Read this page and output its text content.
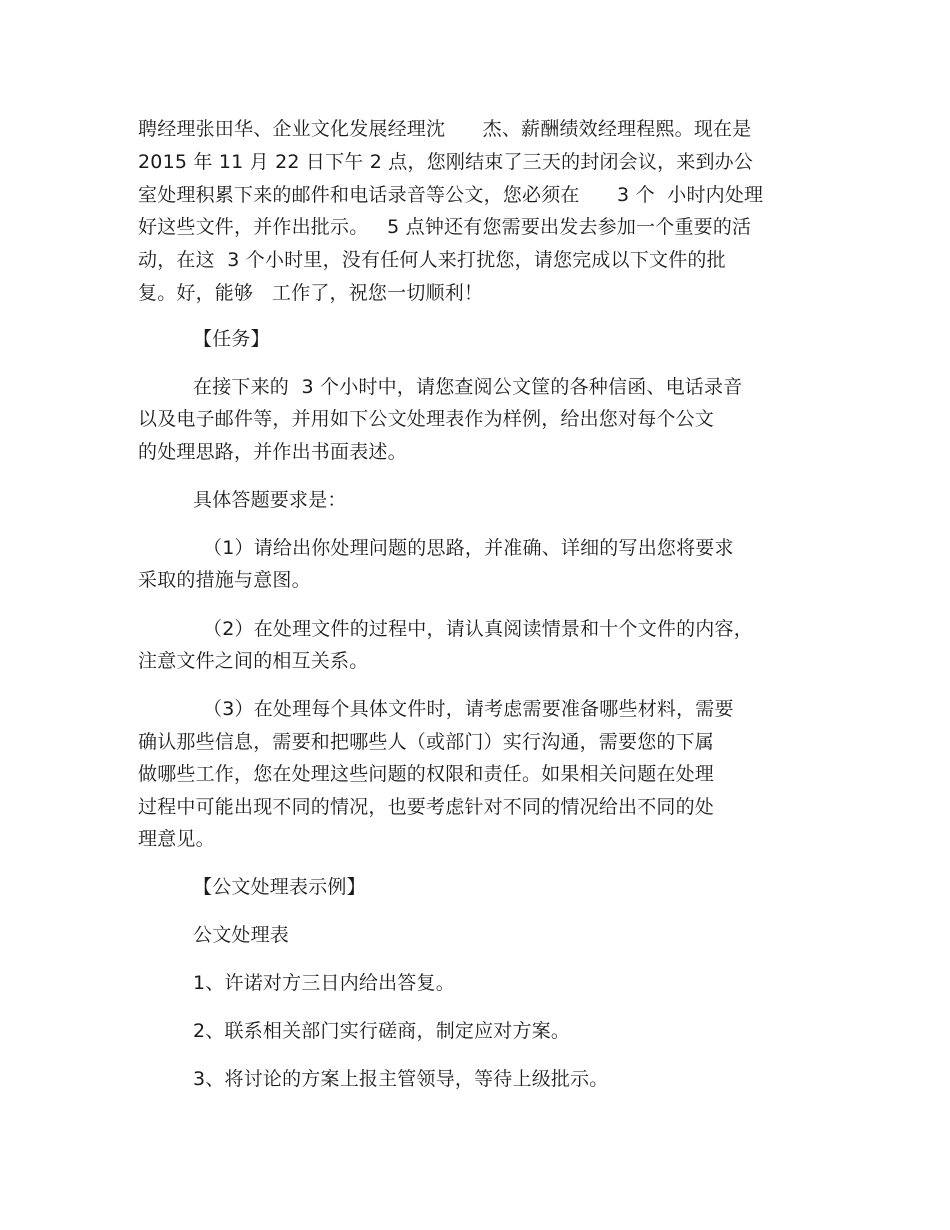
聘经理张田华、企业文化发展经理沈      杰、薪酬绩效经理程熙。现在是
2015 年 11 月 22 日下午 2 点，您刚结束了三天的封闭会议，来到办公
室处理积累下来的邮件和电话录音等公文，您必须在      3 个  小时内处理
好这些文件，并作出批示。   5 点钟还有您需要出发去参加一个重要的活
动，在这  3 个小时里，没有任何人来打扰您，请您完成以下文件的批
复。好，能够   工作了，祝您一切顺利！
【任务】
在接下来的  3 个小时中，请您查阅公文筐的各种信函、电话录音
以及电子邮件等，并用如下公文处理表作为样例，给出您对每个公文
的处理思路，并作出书面表述。
具体答题要求是：
（1）请给出你处理问题的思路，并准确、详细的写出您将要求
采取的措施与意图。
（2）在处理文件的过程中，请认真阅读情景和十个文件的内容，
注意文件之间的相互关系。
（3）在处理每个具体文件时，请考虑需要准备哪些材料，需要
确认那些信息，需要和把哪些人（或部门）实行沟通，需要您的下属
做哪些工作，您在处理这些问题的权限和责任。如果相关问题在处理
过程中可能出现不同的情况，也要考虑针对不同的情况给出不同的处
理意见。
【公文处理表示例】
公文处理表
1、许诺对方三日内给出答复。
2、联系相关部门实行磋商，制定应对方案。
3、将讨论的方案上报主管领导，等待上级批示。
